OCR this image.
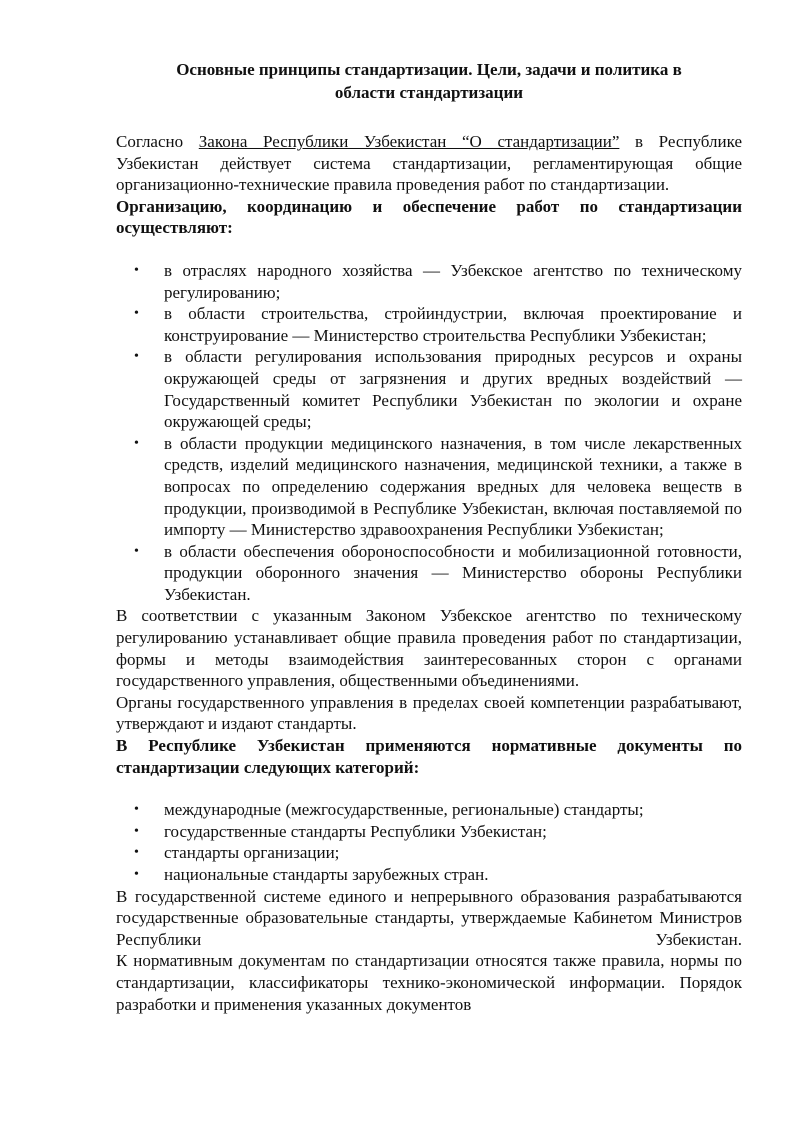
Основные принципы стандартизации. Цели, задачи и политика в
области стандартизации

Согласно Закона Республики Узбекистан “О стандартизации” в Республике Узбекистан действует система стандартизации, регламентирующая общие организационно-технические правила проведения работ по стандартизации.

Организацию, координацию и обеспечение работ по стандартизации осуществляют:

• в отраслях народного хозяйства — Узбекское агентство по техническому регулированию;
• в области строительства, стройиндустрии, включая проектирование и конструирование — Министерство строительства Республики Узбекистан;
• в области регулирования использования природных ресурсов и охраны окружающей среды от загрязнения и других вредных воздействий — Государственный комитет Республики Узбекистан по экологии и охране окружающей среды;
• в области продукции медицинского назначения, в том числе лекарственных средств, изделий медицинского назначения, медицинской техники, а также в вопросах по определению содержания вредных для человека веществ в продукции, производимой в Республике Узбекистан, включая поставляемой по импорту — Министерство здравоохранения Республики Узбекистан;
• в области обеспечения обороноспособности и мобилизационной готовности, продукции оборонного значения — Министерство обороны Республики Узбекистан.

В соответствии с указанным Законом Узбекское агентство по техническому регулированию устанавливает общие правила проведения работ по стандартизации, формы и методы взаимодействия заинтересованных сторон с органами государственного управления, общественными объединениями.

Органы государственного управления в пределах своей компетенции разрабатывают, утверждают и издают стандарты.

В Республике Узбекистан применяются нормативные документы по стандартизации следующих категорий:

• международные (межгосударственные, региональные) стандарты;
• государственные стандарты Республики Узбекистан;
• стандарты организации;
• национальные стандарты зарубежных стран.

В государственной системе единого и непрерывного образования разрабатываются государственные образовательные стандарты, утверждаемые Кабинетом Министров Республики Узбекистан.

К нормативным документам по стандартизации относятся также правила, нормы по стандартизации, классификаторы технико-экономической информации. Порядок разработки и применения указанных документов
